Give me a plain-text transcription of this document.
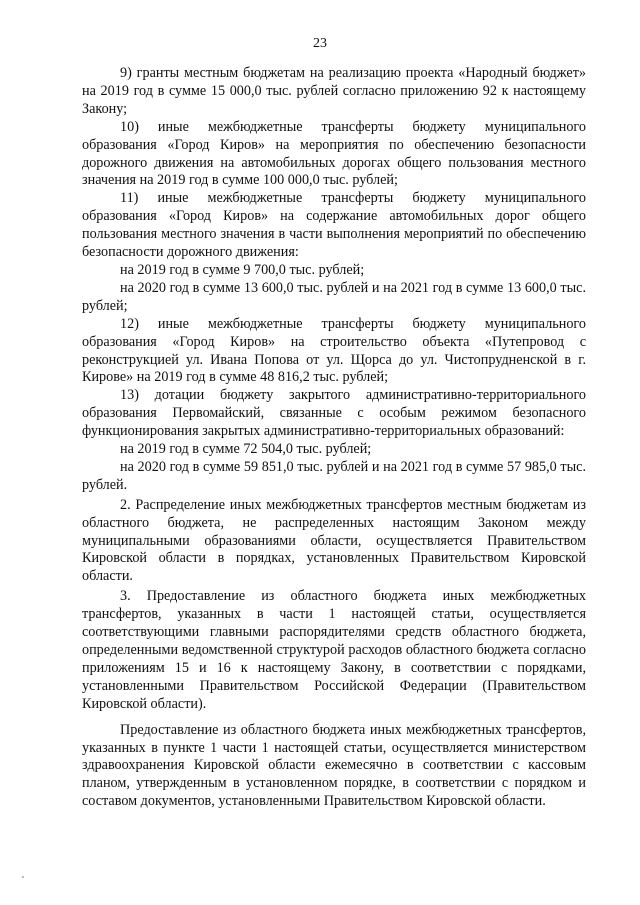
23

9) гранты местным бюджетам на реализацию проекта «Народный бюджет» на 2019 год в сумме 15 000,0 тыс. рублей согласно приложению 92 к настоящему Закону;

10) иные межбюджетные трансферты бюджету муниципального образования «Город Киров» на мероприятия по обеспечению безопасности дорожного движения на автомобильных дорогах общего пользования местного значения на 2019 год в сумме 100 000,0 тыс. рублей;

11) иные межбюджетные трансферты бюджету муниципального образования «Город Киров» на содержание автомобильных дорог общего пользования местного значения в части выполнения мероприятий по обеспечению безопасности дорожного движения:

на 2019 год в сумме 9 700,0 тыс. рублей;

на 2020 год в сумме 13 600,0 тыс. рублей и на 2021 год в сумме 13 600,0 тыс. рублей;

12) иные межбюджетные трансферты бюджету муниципального образования «Город Киров» на строительство объекта «Путепровод с реконструкцией ул. Ивана Попова от ул. Щорса до ул. Чистопрудненской в г. Кирове» на 2019 год в сумме 48 816,2 тыс. рублей;

13) дотации бюджету закрытого административно-территориального образования Первомайский, связанные с особым режимом безопасного функционирования закрытых административно-территориальных образований:

на 2019 год в сумме 72 504,0 тыс. рублей;

на 2020 год в сумме 59 851,0 тыс. рублей и на 2021 год в сумме 57 985,0 тыс. рублей.

2. Распределение иных межбюджетных трансфертов местным бюджетам из областного бюджета, не распределенных настоящим Законом между муниципальными образованиями области, осуществляется Правительством Кировской области в порядках, установленных Правительством Кировской области.

3. Предоставление из областного бюджета иных межбюджетных трансфертов, указанных в части 1 настоящей статьи, осуществляется соответствующими главными распорядителями средств областного бюджета, определенными ведомственной структурой расходов областного бюджета согласно приложениям 15 и 16 к настоящему Закону, в соответствии с порядками, установленными Правительством Российской Федерации (Правительством Кировской области).

Предоставление из областного бюджета иных межбюджетных трансфертов, указанных в пункте 1 части 1 настоящей статьи, осуществляется министерством здравоохранения Кировской области ежемесячно в соответствии с кассовым планом, утвержденным в установленном порядке, в соответствии с порядком и составом документов, установленными Правительством Кировской области.
